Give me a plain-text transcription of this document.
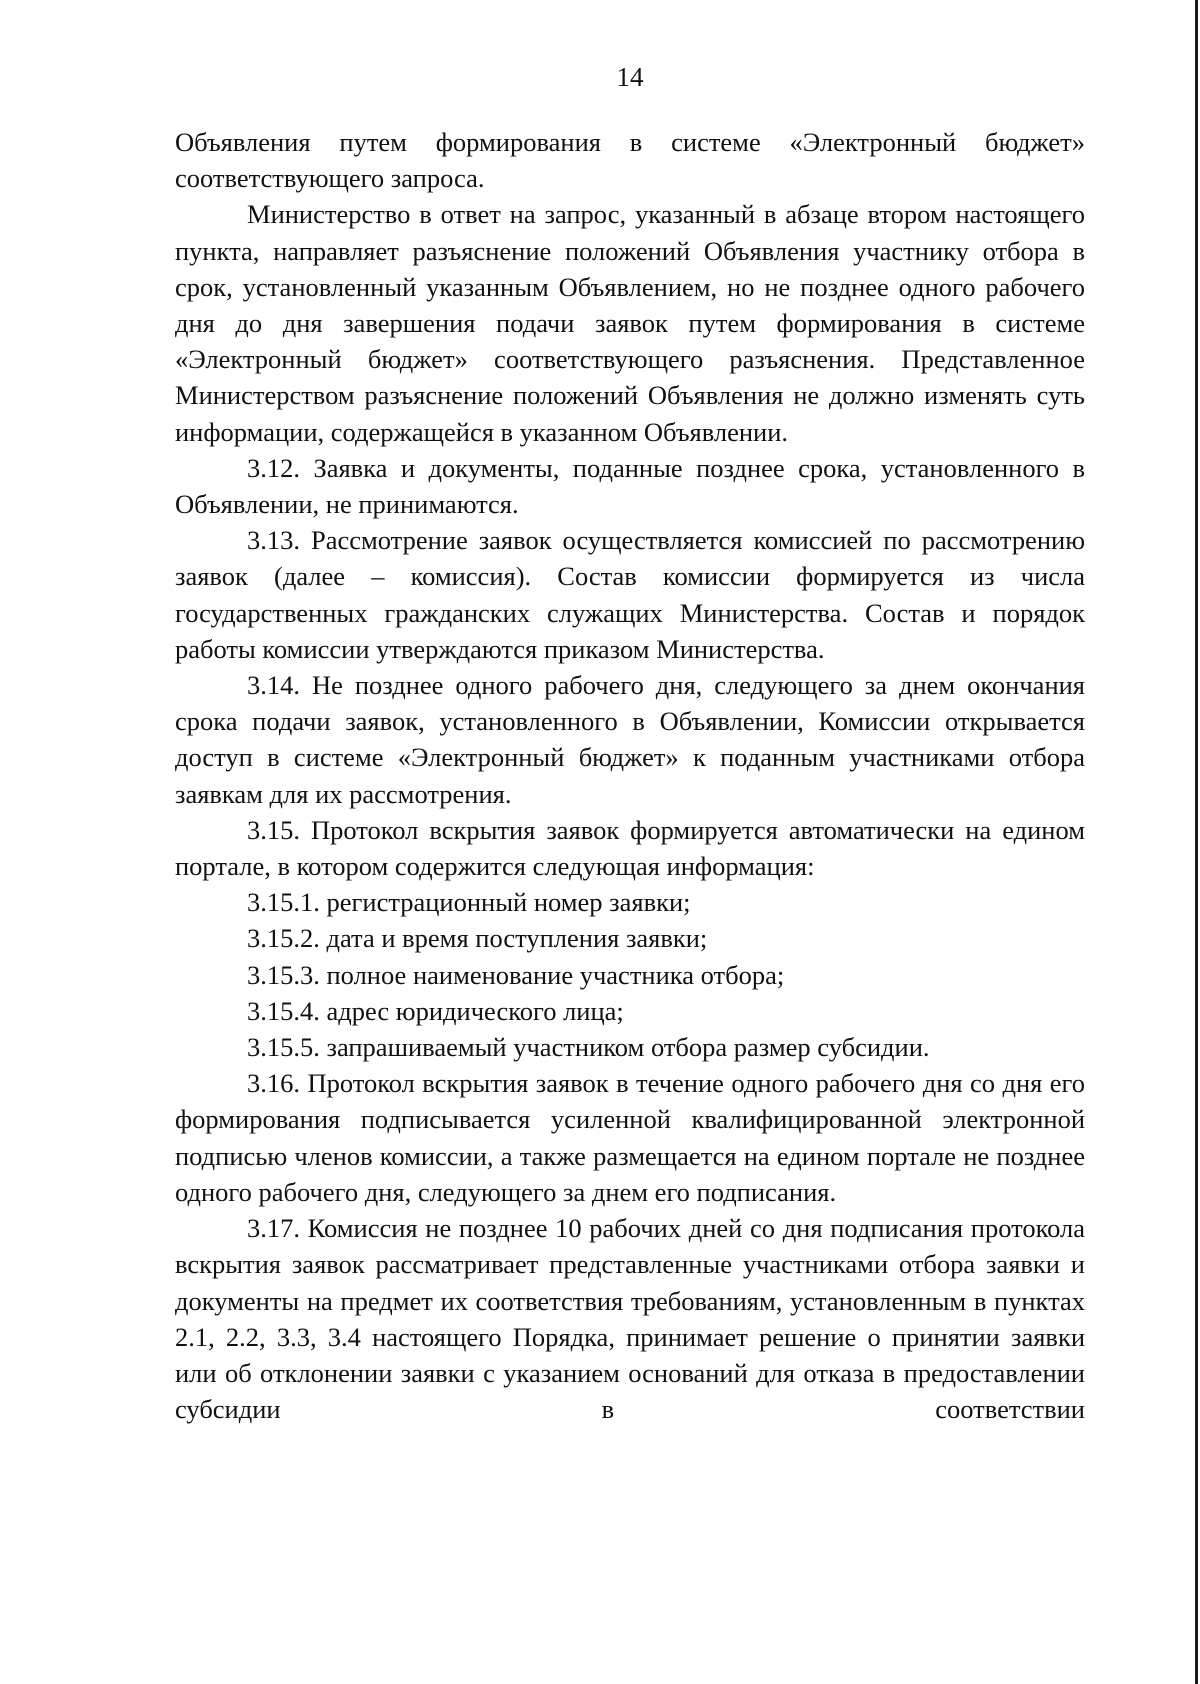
14

Объявления путем формирования в системе «Электронный бюджет» соответствующего запроса.

Министерство в ответ на запрос, указанный в абзаце втором настоящего пункта, направляет разъяснение положений Объявления участнику отбора в срок, установленный указанным Объявлением, но не позднее одного рабочего дня до дня завершения подачи заявок путем формирования в системе «Электронный бюджет» соответствующего разъяснения. Представленное Министерством разъяснение положений Объявления не должно изменять суть информации, содержащейся в указанном Объявлении.

3.12. Заявка и документы, поданные позднее срока, установленного в Объявлении, не принимаются.

3.13. Рассмотрение заявок осуществляется комиссией по рассмотрению заявок (далее – комиссия). Состав комиссии формируется из числа государственных гражданских служащих Министерства. Состав и порядок работы комиссии утверждаются приказом Министерства.

3.14. Не позднее одного рабочего дня, следующего за днем окончания срока подачи заявок, установленного в Объявлении, Комиссии открывается доступ в системе «Электронный бюджет» к поданным участниками отбора заявкам для их рассмотрения.

3.15. Протокол вскрытия заявок формируется автоматически на едином портале, в котором содержится следующая информация:

3.15.1. регистрационный номер заявки;

3.15.2. дата и время поступления заявки;

3.15.3. полное наименование участника отбора;

3.15.4. адрес юридического лица;

3.15.5. запрашиваемый участником отбора размер субсидии.

3.16. Протокол вскрытия заявок в течение одного рабочего дня со дня его формирования подписывается усиленной квалифицированной электронной подписью членов комиссии, а также размещается на едином портале не позднее одного рабочего дня, следующего за днем его подписания.

3.17. Комиссия не позднее 10 рабочих дней со дня подписания протокола вскрытия заявок рассматривает представленные участниками отбора заявки и документы на предмет их соответствия требованиям, установленным в пунктах 2.1, 2.2, 3.3, 3.4 настоящего Порядка, принимает решение о принятии заявки или об отклонении заявки с указанием оснований для отказа в предоставлении субсидии в соответствии
